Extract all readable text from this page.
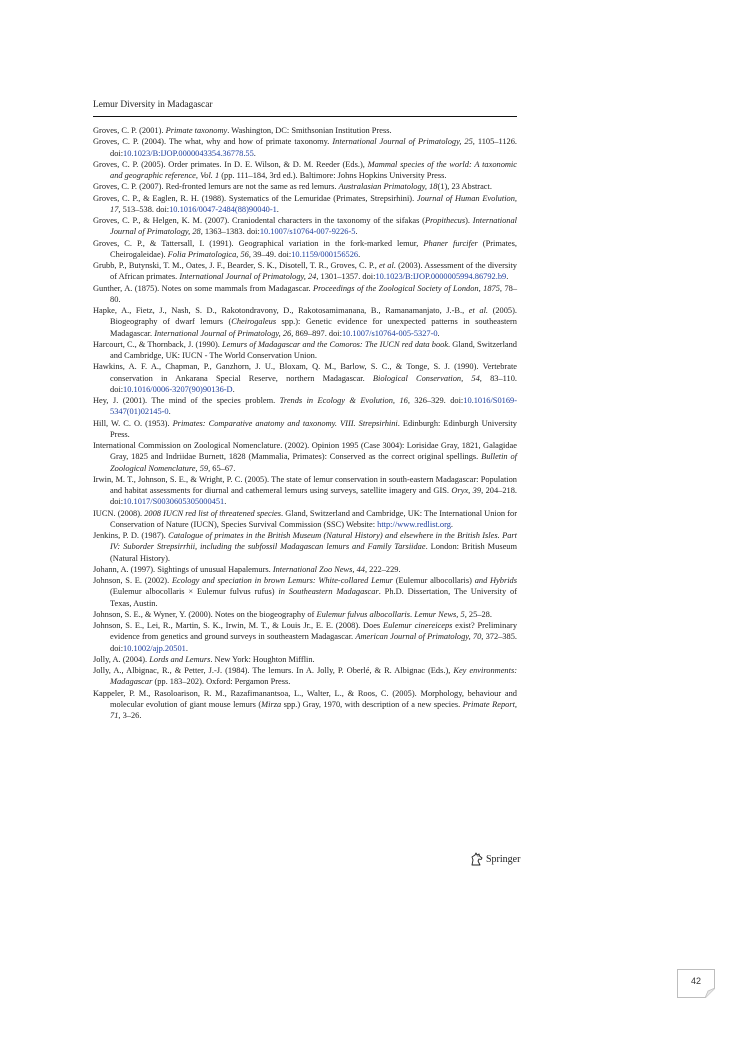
Lemur Diversity in Madagascar

Groves, C. P. (2001). Primate taxonomy. Washington, DC: Smithsonian Institution Press.

Groves, C. P. (2004). The what, why and how of primate taxonomy. International Journal of Primatology, 25, 1105–1126. doi:10.1023/B:IJOP.0000043354.36778.55.

Groves, C. P. (2005). Order primates. In D. E. Wilson, & D. M. Reeder (Eds.), Mammal species of the world: A taxonomic and geographic reference, Vol. 1 (pp. 111–184, 3rd ed.). Baltimore: Johns Hopkins University Press.

Groves, C. P. (2007). Red-fronted lemurs are not the same as red lemurs. Australasian Primatology, 18(1), 23 Abstract.

Groves, C. P., & Eaglen, R. H. (1988). Systematics of the Lemuridae (Primates, Strepsirhini). Journal of Human Evolution, 17, 513–538. doi:10.1016/0047-2484(88)90040-1.

Groves, C. P., & Helgen, K. M. (2007). Craniodental characters in the taxonomy of the sifakas (Propithecus). International Journal of Primatology, 28, 1363–1383. doi:10.1007/s10764-007-9226-5.

Groves, C. P., & Tattersall, I. (1991). Geographical variation in the fork-marked lemur, Phaner furcifer (Primates, Cheirogaleidae). Folia Primatologica, 56, 39–49. doi:10.1159/000156526.

Grubb, P., Butynski, T. M., Oates, J. F., Bearder, S. K., Disotell, T. R., Groves, C. P., et al. (2003). Assessment of the diversity of African primates. International Journal of Primatology, 24, 1301–1357. doi:10.1023/B:IJOP.0000005994.86792.b9.

Gunther, A. (1875). Notes on some mammals from Madagascar. Proceedings of the Zoological Society of London, 1875, 78–80.

Hapke, A., Fietz, J., Nash, S. D., Rakotondravony, D., Rakotosamimanana, B., Ramanamanjato, J.-B., et al. (2005). Biogeography of dwarf lemurs (Cheirogaleus spp.): Genetic evidence for unexpected patterns in southeastern Madagascar. International Journal of Primatology, 26, 869–897. doi:10.1007/s10764-005-5327-0.

Harcourt, C., & Thornback, J. (1990). Lemurs of Madagascar and the Comoros: The IUCN red data book. Gland, Switzerland and Cambridge, UK: IUCN - The World Conservation Union.

Hawkins, A. F. A., Chapman, P., Ganzhorn, J. U., Bloxam, Q. M., Barlow, S. C., & Tonge, S. J. (1990). Vertebrate conservation in Ankarana Special Reserve, northern Madagascar. Biological Conservation, 54, 83–110. doi:10.1016/0006-3207(90)90136-D.

Hey, J. (2001). The mind of the species problem. Trends in Ecology & Evolution, 16, 326–329. doi:10.1016/S0169-5347(01)02145-0.

Hill, W. C. O. (1953). Primates: Comparative anatomy and taxonomy. VIII. Strepsirhini. Edinburgh: Edinburgh University Press.

International Commission on Zoological Nomenclature. (2002). Opinion 1995 (Case 3004): Lorisidae Gray, 1821, Galagidae Gray, 1825 and Indriidae Burnett, 1828 (Mammalia, Primates): Conserved as the correct original spellings. Bulletin of Zoological Nomenclature, 59, 65–67.

Irwin, M. T., Johnson, S. E., & Wright, P. C. (2005). The state of lemur conservation in south-eastern Madagascar: Population and habitat assessments for diurnal and cathemeral lemurs using surveys, satellite imagery and GIS. Oryx, 39, 204–218. doi:10.1017/S0030605305000451.

IUCN. (2008). 2008 IUCN red list of threatened species. Gland, Switzerland and Cambridge, UK: The International Union for Conservation of Nature (IUCN), Species Survival Commission (SSC) Website: http://www.redlist.org.

Jenkins, P. D. (1987). Catalogue of primates in the British Museum (Natural History) and elsewhere in the British Isles. Part IV: Suborder Strepsirrhii, including the subfossil Madagascan lemurs and Family Tarsiidae. London: British Museum (Natural History).

Johann, A. (1997). Sightings of unusual Hapalemurs. International Zoo News, 44, 222–229.

Johnson, S. E. (2002). Ecology and speciation in brown Lemurs: White-collared Lemur (Eulemur albocollaris) and Hybrids (Eulemur albocollaris × Eulemur fulvus rufus) in Southeastern Madagascar. Ph.D. Dissertation, The University of Texas, Austin.

Johnson, S. E., & Wyner, Y. (2000). Notes on the biogeography of Eulemur fulvus albocollaris. Lemur News, 5, 25–28.

Johnson, S. E., Lei, R., Martin, S. K., Irwin, M. T., & Louis Jr., E. E. (2008). Does Eulemur cinereiceps exist? Preliminary evidence from genetics and ground surveys in southeastern Madagascar. American Journal of Primatology, 70, 372–385. doi:10.1002/ajp.20501.

Jolly, A. (2004). Lords and Lemurs. New York: Houghton Mifflin.

Jolly, A., Albignac, R., & Petter, J.-J. (1984). The lemurs. In A. Jolly, P. Oberlé, & R. Albignac (Eds.), Key environments: Madagascar (pp. 183–202). Oxford: Pergamon Press.

Kappeler, P. M., Rasoloarison, R. M., Razafimanantsoa, L., Walter, L., & Roos, C. (2005). Morphology, behaviour and molecular evolution of giant mouse lemurs (Mirza spp.) Gray, 1970, with description of a new species. Primate Report, 71, 3–26.

Springer
42
